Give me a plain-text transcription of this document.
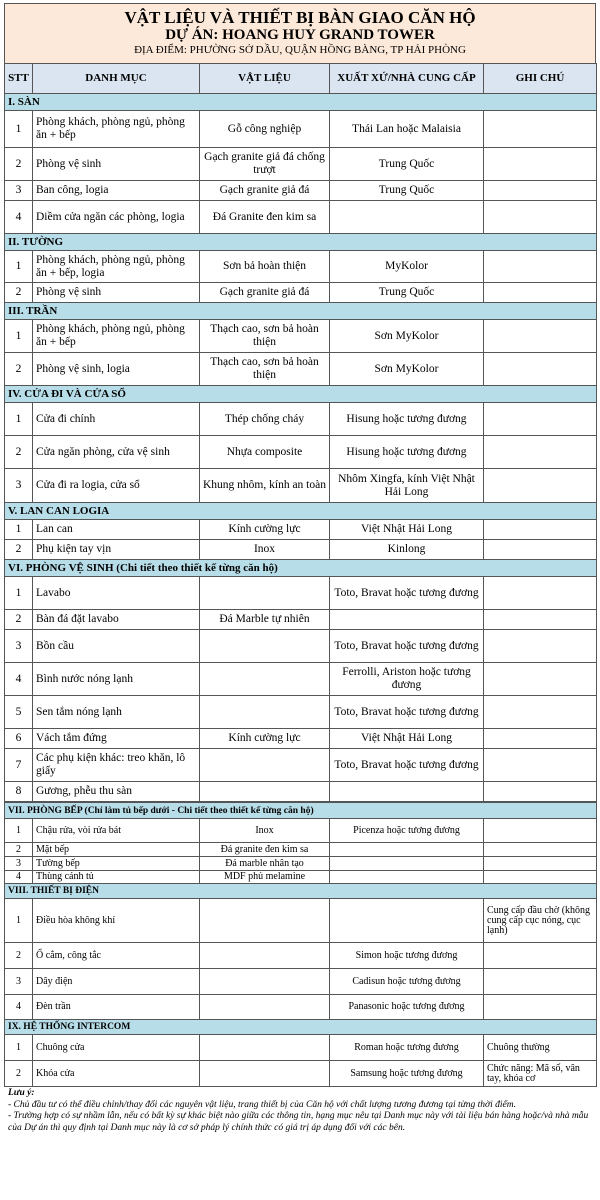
VẬT LIỆU VÀ THIẾT BỊ BÀN GIAO CĂN HỘ
DỰ ÁN: HOANG HUY GRAND TOWER
ĐỊA ĐIỂM: PHƯỜNG SỞ DẦU, QUẬN HỒNG BÀNG, TP HẢI PHÒNG
STT	DANH MỤC	VẬT LIỆU	XUẤT XỨ/NHÀ CUNG CẤP	GHI CHÚ
I. SÀN				
1	Phòng khách, phòng ngủ, phòng ăn + bếp	Gỗ công nghiệp	Thái Lan hoặc Malaisia	
2	Phòng vệ sinh	Gạch granite giả đá chống trượt	Trung Quốc	
3	Ban công, logia	Gạch granite giả đá	Trung Quốc	
4	Diềm cửa ngăn các phòng, logia	Đá Granite đen kim sa		
II. TƯỜNG				
1	Phòng khách, phòng ngủ, phòng ăn + bếp, logia	Sơn bả hoàn thiện	MyKolor	
2	Phòng vệ sinh	Gạch granite giả đá	Trung Quốc	
III. TRẦN				
1	Phòng khách, phòng ngủ, phòng ăn + bếp	Thạch cao, sơn bả hoàn thiện	Sơn MyKolor	
2	Phòng vệ sinh, logia	Thạch cao, sơn bả hoàn thiện	Sơn MyKolor	
IV. CỬA ĐI VÀ CỬA SỔ				
1	Cửa đi chính	Thép chống cháy	Hisung hoặc tương đương	
2	Cửa ngăn phòng, cửa vệ sinh	Nhựa composite	Hisung hoặc tương đương	
3	Cửa đi ra logia, cửa sổ	Khung nhôm, kính an toàn	Nhôm Xingfa, kính Việt Nhật Hải Long	
V. LAN CAN LOGIA				
1	Lan can	Kính cường lực	Việt Nhật Hải Long	
2	Phụ kiện tay vịn	Inox	Kinlong	
VI. PHÒNG VỆ SINH (Chi tiết theo thiết kế từng căn hộ)				
1	Lavabo		Toto, Bravat hoặc tương đương	
2	Bàn đá đặt lavabo	Đá Marble tự nhiên		
3	Bồn cầu		Toto, Bravat hoặc tương đương	
4	Bình nước nóng lạnh		Ferrolli, Ariston hoặc tương đương	
5	Sen tắm nóng lạnh		Toto, Bravat hoặc tương đương	
6	Vách tắm đứng	Kính cường lực	Việt Nhật Hải Long	
7	Các phụ kiện khác: treo khăn, lô giấy		Toto, Bravat hoặc tương đương	
8	Gương, phễu thu sàn			
VII. PHÒNG BẾP (Chỉ làm tủ bếp dưới - Chi tiết theo thiết kế từng căn hộ)				
1	Chậu rửa, vòi rửa bát	Inox	Picenza hoặc tương đương	
2	Mặt bếp	Đá granite đen kim sa		
3	Tường bếp	Đá marble nhân tạo		
4	Thùng cánh tủ	MDF phủ melamine		
VIII. THIẾT BỊ ĐIỆN				
1	Điều hòa không khí			Cung cấp đầu chờ (không cung cấp cục nóng, cục lạnh)
2	Ổ cắm, công tắc		Simon hoặc tương đương	
3	Dây điện		Cadisun hoặc tương đương	
4	Đèn trần		Panasonic hoặc tương đương	
IX. HỆ THỐNG INTERCOM				
1	Chuông cửa		Roman hoặc tương đương	Chuông thường
2	Khóa cửa		Samsung hoặc tương đương	Chức năng: Mã số, vân tay, khóa cơ
Lưu ý:
- Chủ đầu tư có thể điều chỉnh/thay đổi các nguyên vật liệu, trang thiết bị của Căn hộ với chất lượng tương đương tại từng thời điểm.
- Trường hợp có sự nhầm lẫn, nếu có bất kỳ sự khác biệt nào giữa các thông tin, hạng mục nêu tại Danh mục này với tài liệu bán hàng hoặc/và nhà mẫu của Dự án thì quy định tại Danh mục này là cơ sở pháp lý chính thức có giá trị áp dụng đối với các bên.
